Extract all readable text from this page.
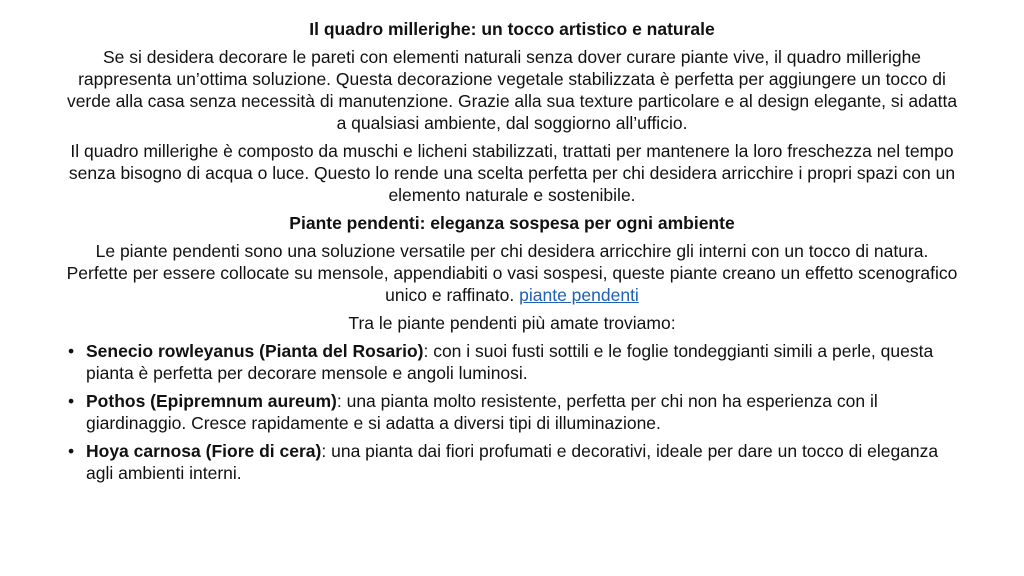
Il quadro millerighe: un tocco artistico e naturale
Se si desidera decorare le pareti con elementi naturali senza dover curare piante vive, il quadro millerighe rappresenta un’ottima soluzione. Questa decorazione vegetale stabilizzata è perfetta per aggiungere un tocco di verde alla casa senza necessità di manutenzione. Grazie alla sua texture particolare e al design elegante, si adatta a qualsiasi ambiente, dal soggiorno all’ufficio.
Il quadro millerighe è composto da muschi e licheni stabilizzati, trattati per mantenere la loro freschezza nel tempo senza bisogno di acqua o luce. Questo lo rende una scelta perfetta per chi desidera arricchire i propri spazi con un elemento naturale e sostenibile.
Piante pendenti: eleganza sospesa per ogni ambiente
Le piante pendenti sono una soluzione versatile per chi desidera arricchire gli interni con un tocco di natura. Perfette per essere collocate su mensole, appendiabiti o vasi sospesi, queste piante creano un effetto scenografico unico e raffinato. piante pendenti
Tra le piante pendenti più amate troviamo:
• Senecio rowleyanus (Pianta del Rosario): con i suoi fusti sottili e le foglie tondeggianti simili a perle, questa pianta è perfetta per decorare mensole e angoli luminosi.
• Pothos (Epipremnum aureum): una pianta molto resistente, perfetta per chi non ha esperienza con il giardinaggio. Cresce rapidamente e si adatta a diversi tipi di illuminazione.
• Hoya carnosa (Fiore di cera): una pianta dai fiori profumati e decorativi, ideale per dare un tocco di eleganza agli ambienti interni.
